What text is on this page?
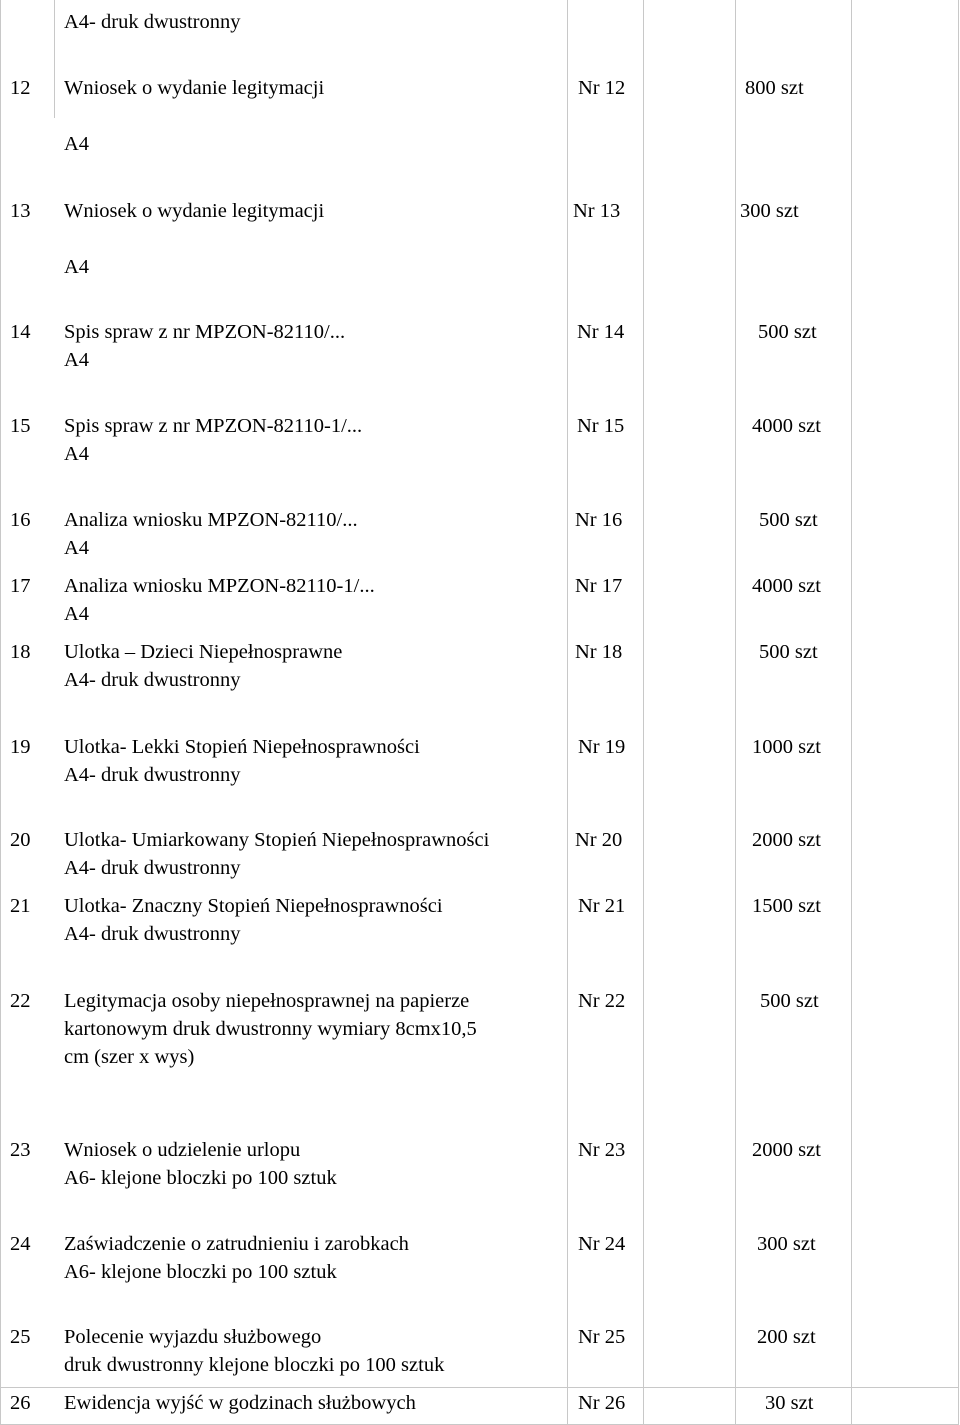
A4- druk dwustronny
12 Wniosek o wydanie legitymacji
A4
Nr 12	800 szt
13 Wniosek o wydanie legitymacji
A4
Nr 13	300 szt
14 Spis spraw z nr MPZON-82110/...
A4
Nr 14	500 szt
15 Spis spraw z nr MPZON-82110-1/...
A4
Nr 15	4000 szt
16 Analiza wniosku MPZON-82110/...
A4
Nr 16	500 szt
17 Analiza wniosku MPZON-82110-1/...
A4
Nr 17	4000 szt
18 Ulotka – Dzieci Niepełnosprawne
A4- druk dwustronny
Nr 18	500 szt
19 Ulotka- Lekki Stopień Niepełnosprawności
A4- druk dwustronny
Nr 19	1000 szt
20 Ulotka- Umiarkowany Stopień Niepełnosprawności
A4- druk dwustronny
Nr 20	2000 szt
21 Ulotka- Znaczny Stopień Niepełnosprawności
A4- druk dwustronny
Nr 21	1500 szt
22 Legitymacja osoby niepełnosprawnej na papierze
kartonowym druk dwustronny wymiary 8cmx10,5
cm (szer x wys)
Nr 22	500 szt
23 Wniosek o udzielenie urlopu
A6- klejone bloczki po 100 sztuk
Nr 23	2000 szt
24 Zaświadczenie o zatrudnieniu i zarobkach
A6- klejone bloczki po 100 sztuk
Nr 24	300 szt
25 Polecenie wyjazdu służbowego
druk dwustronny klejone bloczki po 100 sztuk
Nr 25	200 szt
26 Ewidencja wyjść w godzinach służbowych	Nr 26	30 szt
